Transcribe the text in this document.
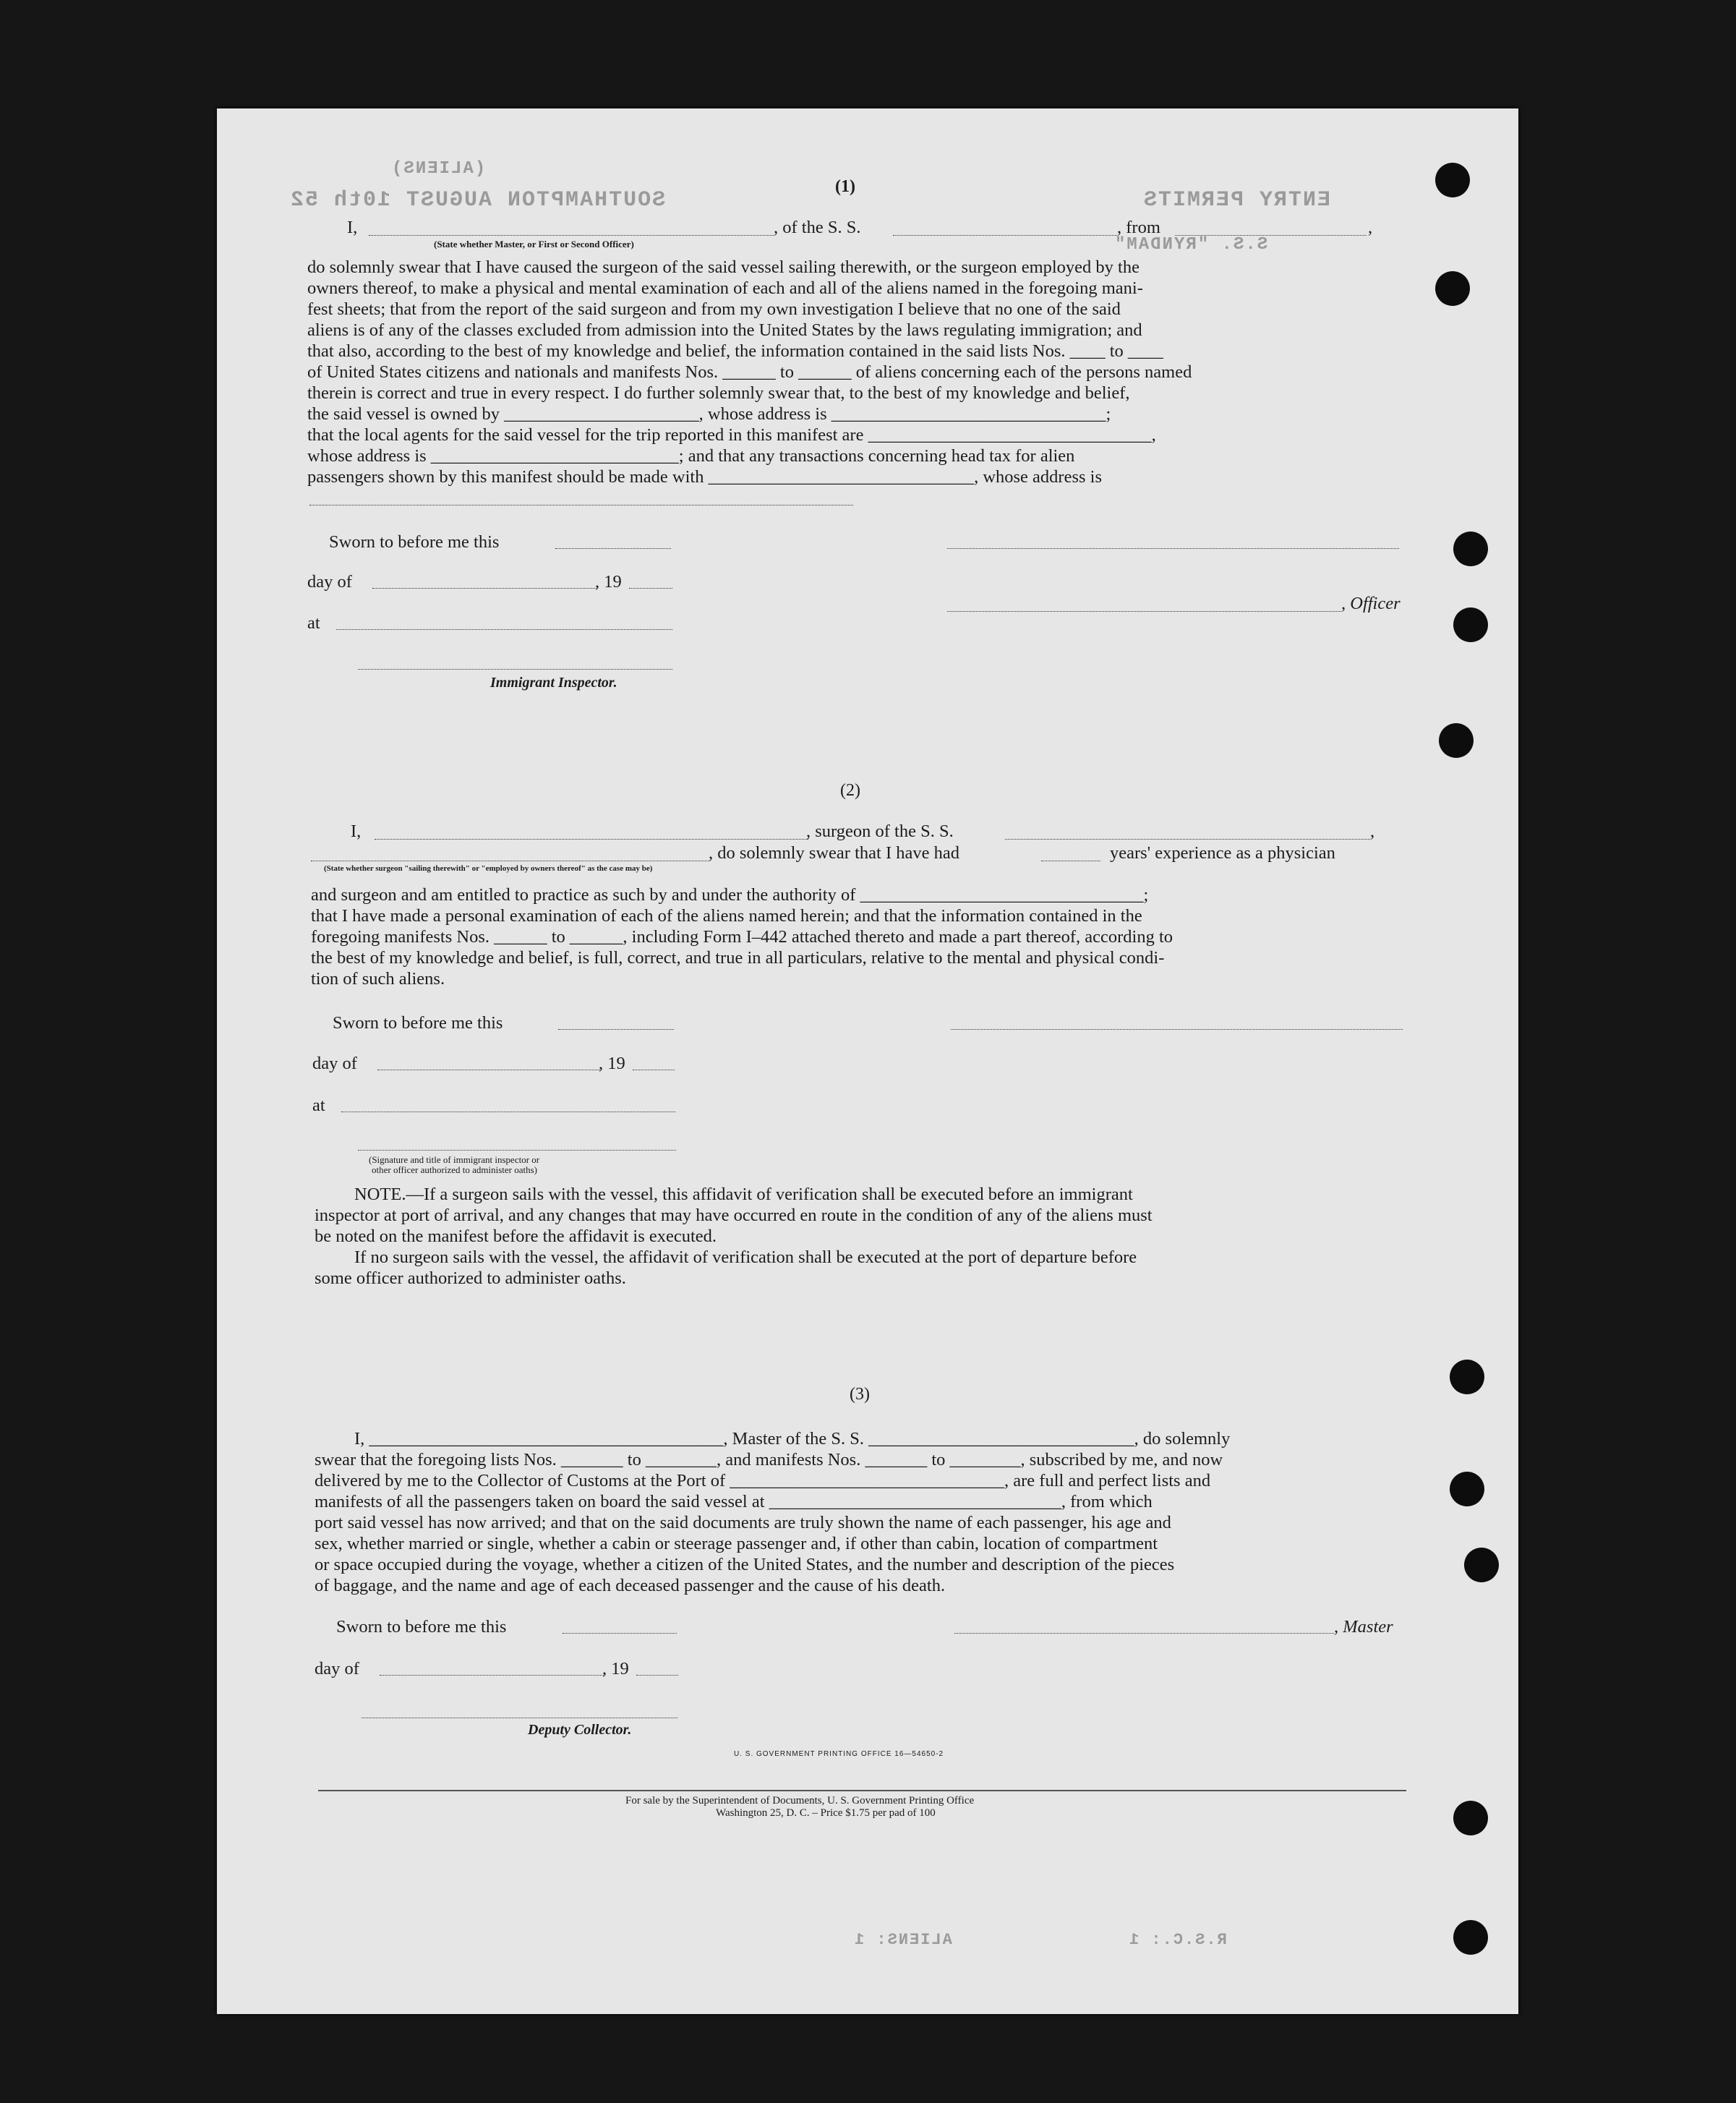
SOUTHAMPTON AUGUST 10th 52
(ALIENS)
ENTRY PERMITS
S.S. "RYNDAM"
ALIENS: 1	R.S.C.: 1
(1)
I,	, of the S. S.	, from	,
(State whether Master, or First or Second Officer)
do solemnly swear that I have caused the surgeon of the said vessel sailing therewith, or the surgeon employed by the
owners thereof, to make a physical and mental examination of each and all of the aliens named in the foregoing mani-
fest sheets; that from the report of the said surgeon and from my own investigation I believe that no one of the said
aliens is of any of the classes excluded from admission into the United States by the laws regulating immigration; and
that also, according to the best of my knowledge and belief, the information contained in the said lists Nos. ____ to ____
of United States citizens and nationals and manifests Nos. ______ to ______ of aliens concerning each of the persons named
therein is correct and true in every respect. I do further solemnly swear that, to the best of my knowledge and belief,
the said vessel is owned by ______________________, whose address is _______________________________;
that the local agents for the said vessel for the trip reported in this manifest are ________________________________,
whose address is ____________________________; and that any transactions concerning head tax for alien
passengers shown by this manifest should be made with ______________________________, whose address is
Sworn to before me this
day of	, 19
, Officer
at
Immigrant Inspector.
(2)
I,	, surgeon of the S. S.	,
, do solemnly swear that I have had	years' experience as a physician
(State whether surgeon "sailing therewith" or "employed by owners thereof" as the case may be)
and surgeon and am entitled to practice as such by and under the authority of ________________________________;
that I have made a personal examination of each of the aliens named herein; and that the information contained in the
foregoing manifests Nos. ______ to ______, including Form I–442 attached thereto and made a part thereof, according to
the best of my knowledge and belief, is full, correct, and true in all particulars, relative to the mental and physical condi-
tion of such aliens.
Sworn to before me this
day of	, 19
at
(Signature and title of immigrant inspector or
other officer authorized to administer oaths)
NOTE.—If a surgeon sails with the vessel, this affidavit of verification shall be executed before an immigrant
inspector at port of arrival, and any changes that may have occurred en route in the condition of any of the aliens must
be noted on the manifest before the affidavit is executed.
If no surgeon sails with the vessel, the affidavit of verification shall be executed at the port of departure before
some officer authorized to administer oaths.
(3)
I, ________________________________________, Master of the S. S. ______________________________, do solemnly
swear that the foregoing lists Nos. _______ to ________, and manifests Nos. _______ to ________, subscribed by me, and now
delivered by me to the Collector of Customs at the Port of _______________________________, are full and perfect lists and
manifests of all the passengers taken on board the said vessel at _________________________________, from which
port said vessel has now arrived; and that on the said documents are truly shown the name of each passenger, his age and
sex, whether married or single, whether a cabin or steerage passenger and, if other than cabin, location of compartment
or space occupied during the voyage, whether a citizen of the United States, and the number and description of the pieces
of baggage, and the name and age of each deceased passenger and the cause of his death.
Sworn to before me this	, Master
day of	, 19
Deputy Collector.
U. S. GOVERNMENT PRINTING OFFICE 16—54650-2
For sale by the Superintendent of Documents, U. S. Government Printing Office
Washington 25, D. C. – Price $1.75 per pad of 100
